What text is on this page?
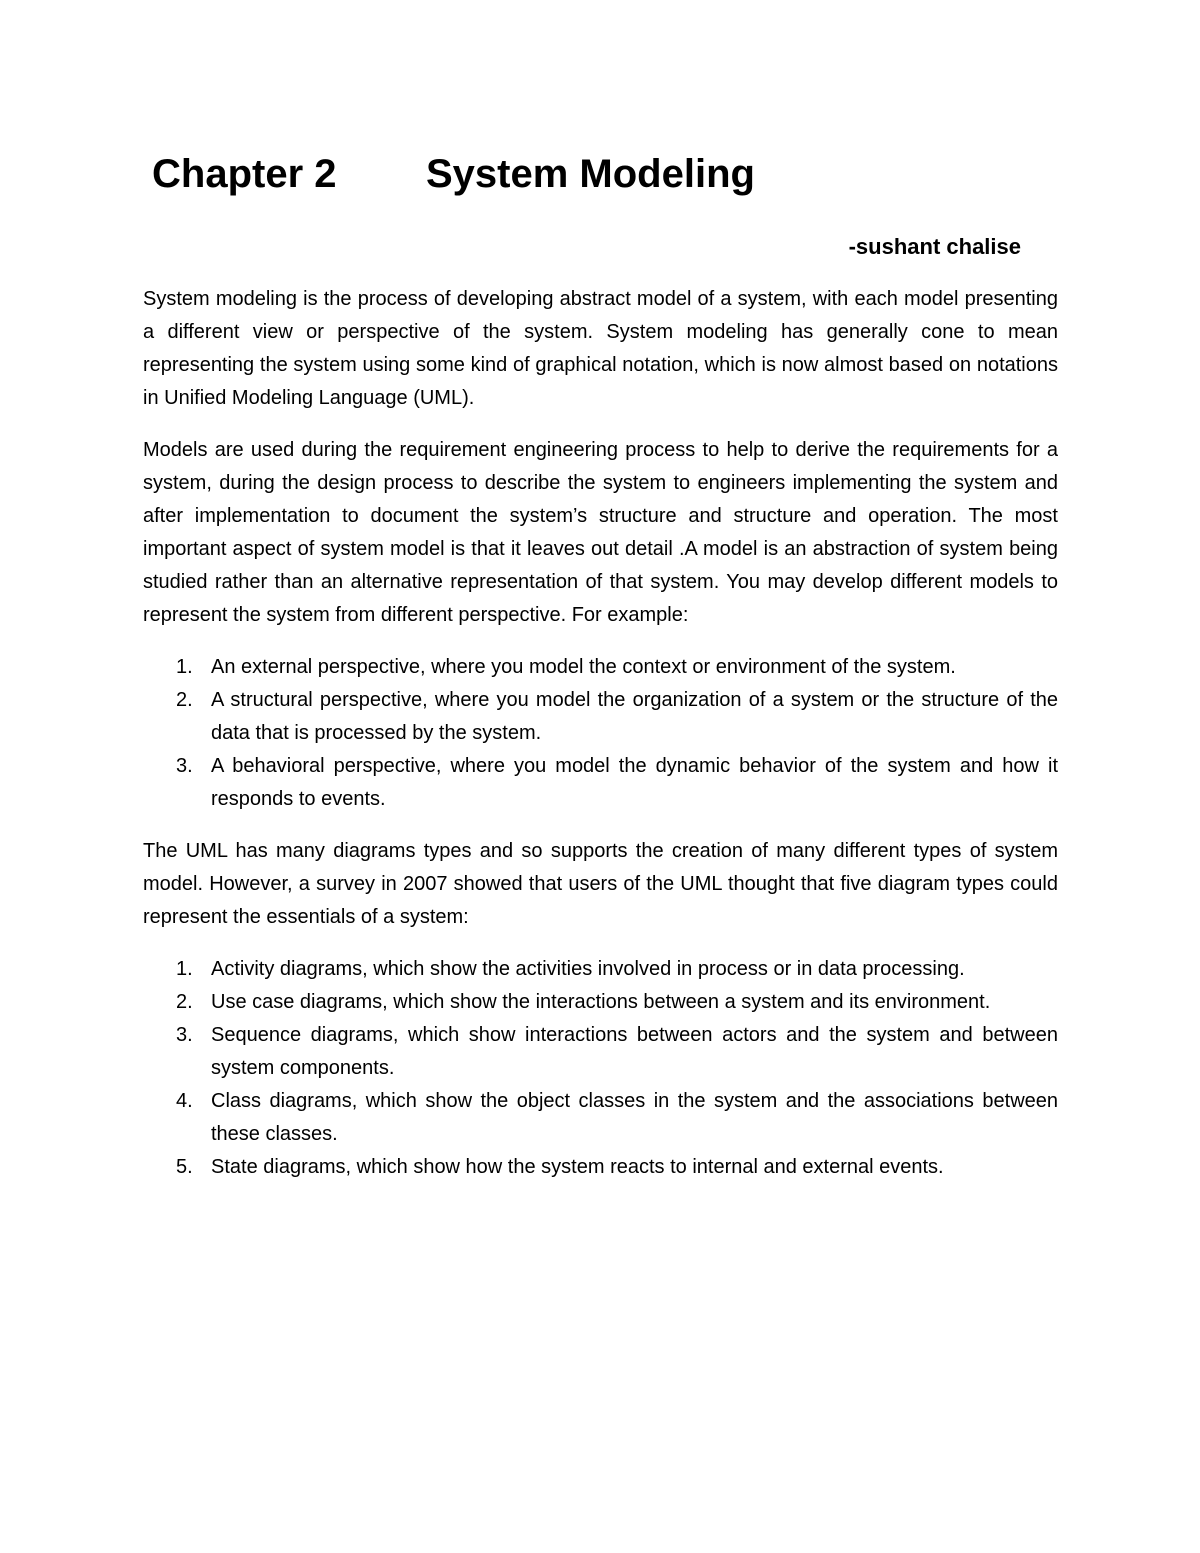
Chapter 2 System Modeling
-sushant chalise

System modeling is the process of developing abstract model of a system, with each model presenting a different view or perspective of the system. System modeling has generally cone to mean representing the system using some kind of graphical notation, which is now almost based on notations in Unified Modeling Language (UML).

Models are used during the requirement engineering process to help to derive the requirements for a system, during the design process to describe the system to engineers implementing the system and after implementation to document the system’s structure and structure and operation. The most important aspect of system model is that it leaves out detail .A model is an abstraction of system being studied rather than an alternative representation of that system. You may develop different models to represent the system from different perspective. For example:

1. An external perspective, where you model the context or environment of the system.
2. A structural perspective, where you model the organization of a system or the structure of the data that is processed by the system.
3. A behavioral perspective, where you model the dynamic behavior of the system and how it responds to events.

The UML has many diagrams types and so supports the creation of many different types of system model. However, a survey in 2007 showed that users of the UML thought that five diagram types could represent the essentials of a system:

1. Activity diagrams, which show the activities involved in process or in data processing.
2. Use case diagrams, which show the interactions between a system and its environment.
3. Sequence diagrams, which show interactions between actors and the system and between system components.
4. Class diagrams, which show the object classes in the system and the associations between these classes.
5. State diagrams, which show how the system reacts to internal and external events.
